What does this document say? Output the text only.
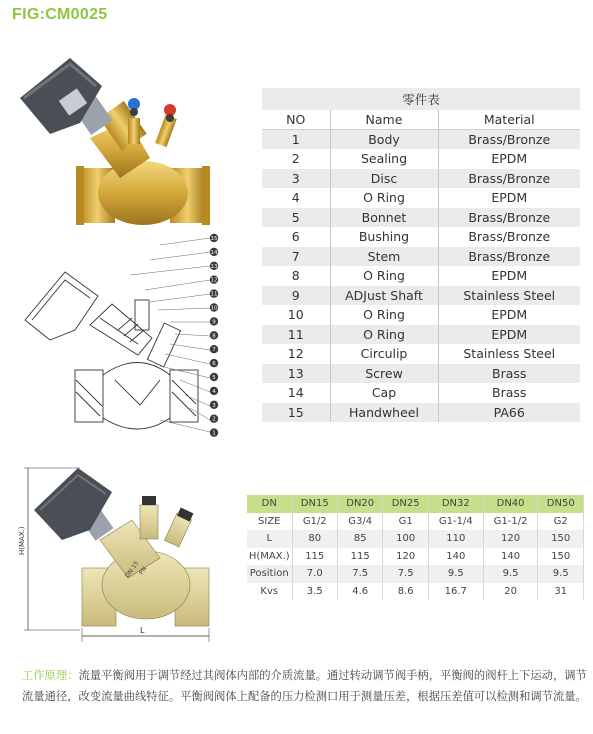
FIG:CM0025
15
14
13
12
11
10
9
8
7
6
5
4
3
2
1
零件表		
NO	Name	Material
1	Body	Brass/Bronze
2	Sealing	EPDM
3	Disc	Brass/Bronze
4	O Ring	EPDM
5	Bonnet	Brass/Bronze
6	Bushing	Brass/Bronze
7	Stem	Brass/Bronze
8	O Ring	EPDM
9	ADJust Shaft	Stainless Steel
10	O Ring	EPDM
11	O Ring	EPDM
12	Circulip	Stainless Steel
13	Screw	Brass
14	Cap	Brass
15	Handwheel	PA66
H(MAX.)
DN 15
PN
L
DN	DN15	DN20	DN25	DN32	DN40	DN50
SIZE	G1/2	G3/4	G1	G1-1/4	G1-1/2	G2
L	80	85	100	110	120	150
H(MAX.)	115	115	120	140	140	150
Position	7.0	7.5	7.5	9.5	9.5	9.5
Kvs	3.5	4.6	8.6	16.7	20	31
工作原理：流量平衡阀用于调节经过其阀体内部的介质流量。通过转动调节阀手柄，平衡阀的阀杆上下运动，调节流量通径，改变流量曲线特征。平衡阀阀体上配备的压力检测口用于测量压差，根据压差值可以检测和调节流量。
